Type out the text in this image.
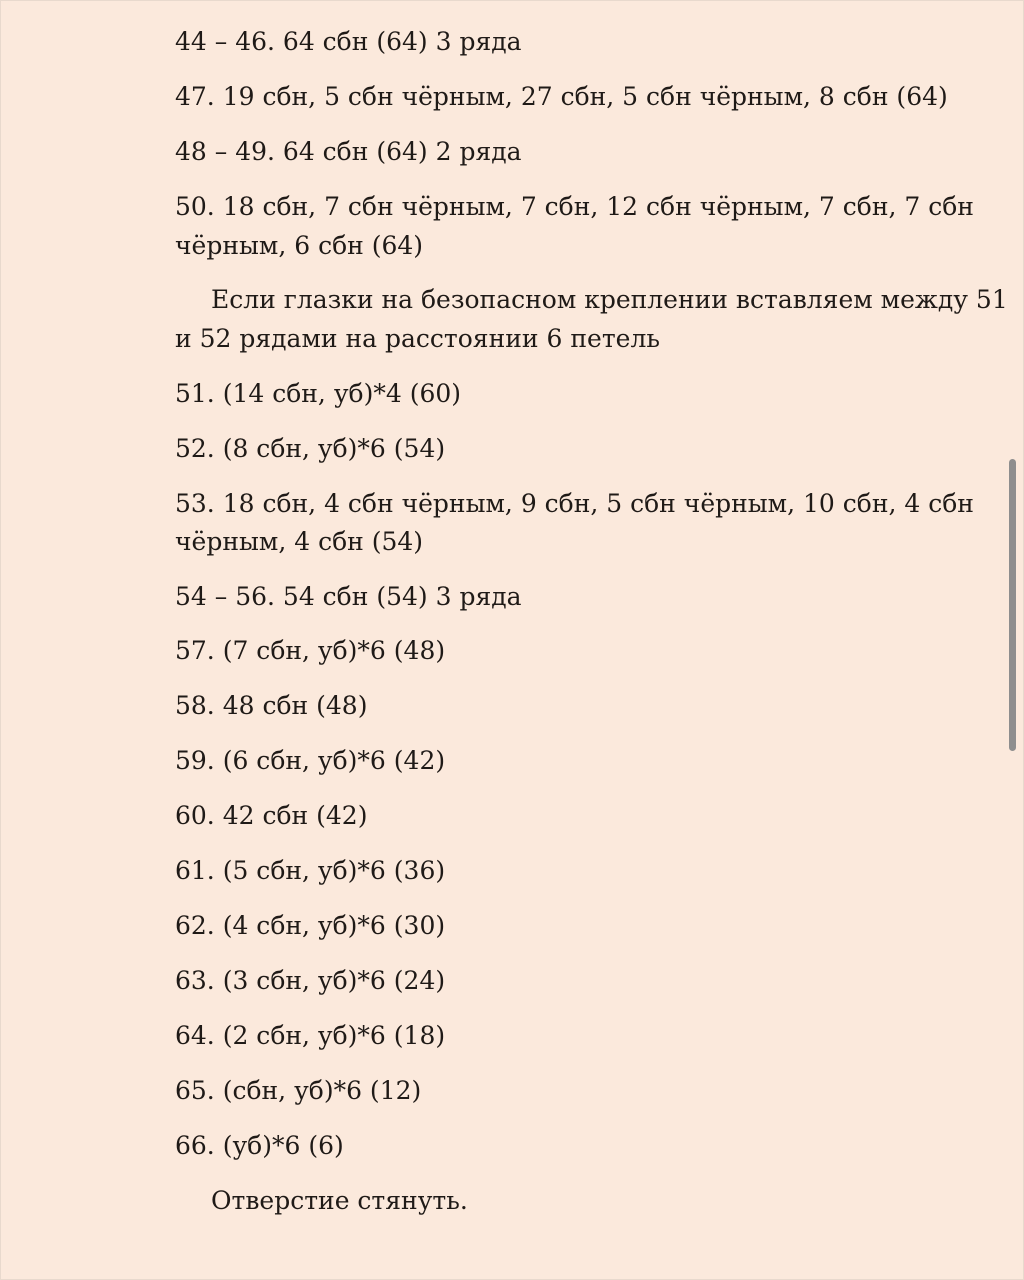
44 – 46. 64 сбн (64) 3 ряда
47. 19 сбн, 5 сбн чёрным, 27 сбн, 5 сбн чёрным, 8 сбн (64)
48 – 49. 64 сбн (64) 2 ряда
50. 18 сбн, 7 сбн чёрным, 7 сбн, 12 сбн чёрным, 7 сбн, 7 сбн
чёрным, 6 сбн (64)
Если глазки на безопасном креплении вставляем между 51
и 52 рядами на расстоянии 6 петель
51. (14 сбн, уб)*4 (60)
52. (8 сбн, уб)*6 (54)
53. 18 сбн, 4 сбн чёрным, 9 сбн, 5 сбн чёрным, 10 сбн, 4 сбн
чёрным, 4 сбн (54)
54 – 56. 54 сбн (54) 3 ряда
57. (7 сбн, уб)*6 (48)
58. 48 сбн (48)
59. (6 сбн, уб)*6 (42)
60. 42 сбн (42)
61. (5 сбн, уб)*6 (36)
62. (4 сбн, уб)*6 (30)
63. (3 сбн, уб)*6 (24)
64. (2 сбн, уб)*6 (18)
65. (сбн, уб)*6 (12)
66. (уб)*6 (6)
Отверстие стянуть.
